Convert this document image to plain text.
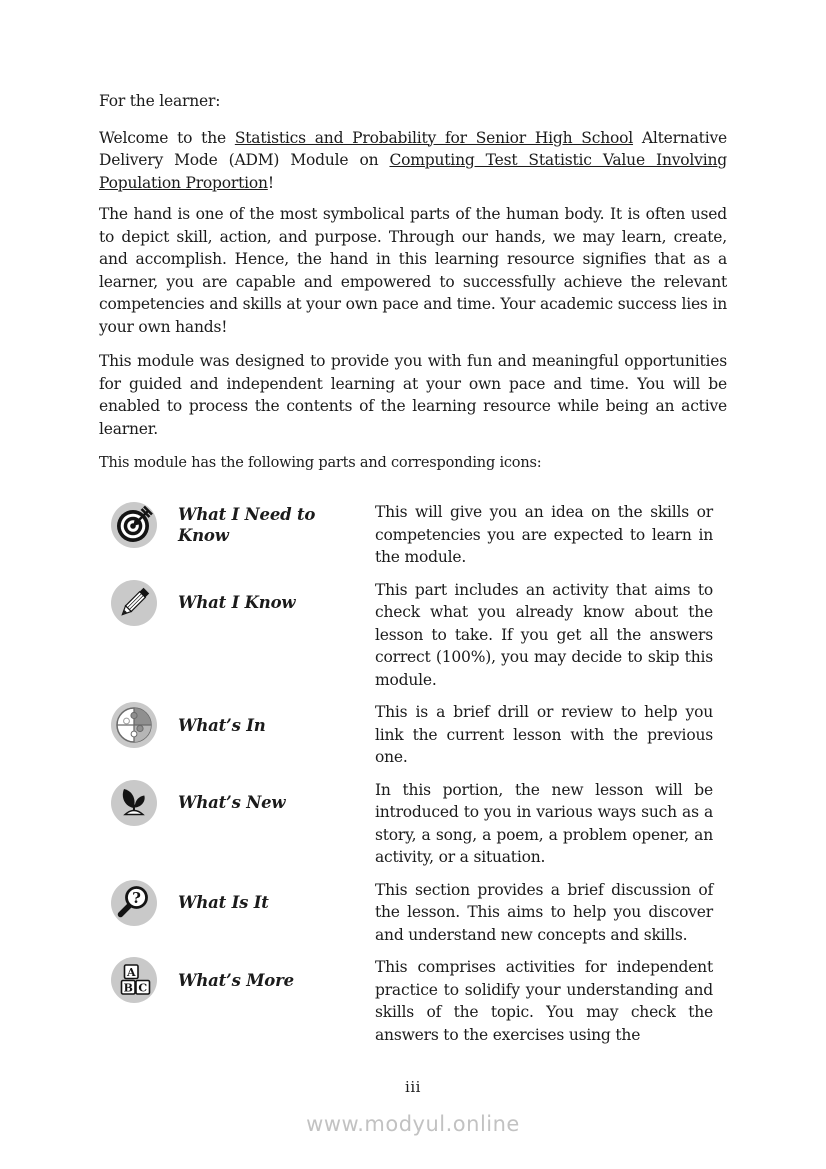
For the learner:

Welcome to the Statistics and Probability for Senior High School Alternative Delivery Mode (ADM) Module on Computing Test Statistic Value Involving Population Proportion!

The hand is one of the most symbolical parts of the human body. It is often used to depict skill, action, and purpose. Through our hands, we may learn, create, and accomplish. Hence, the hand in this learning resource signifies that as a learner, you are capable and empowered to successfully achieve the relevant competencies and skills at your own pace and time. Your academic success lies in your own hands!

This module was designed to provide you with fun and meaningful opportunities for guided and independent learning at your own pace and time. You will be enabled to process the contents of the learning resource while being an active learner.

This module has the following parts and corresponding icons:

What I Need to Know
This will give you an idea on the skills or competencies you are expected to learn in the module.
What I Know
This part includes an activity that aims to check what you already know about the lesson to take. If you get all the answers correct (100%), you may decide to skip this module.
What’s In
This is a brief drill or review to help you link the current lesson with the previous one.
What’s New
In this portion, the new lesson will be introduced to you in various ways such as a story, a song, a poem, a problem opener, an activity, or a situation.
? What Is It
This section provides a brief discussion of the lesson. This aims to help you discover and understand new concepts and skills.
A
B C What’s More
This comprises activities for independent practice to solidify your understanding and skills of the topic. You may check the answers to the exercises using the
iii
www.modyul.online
